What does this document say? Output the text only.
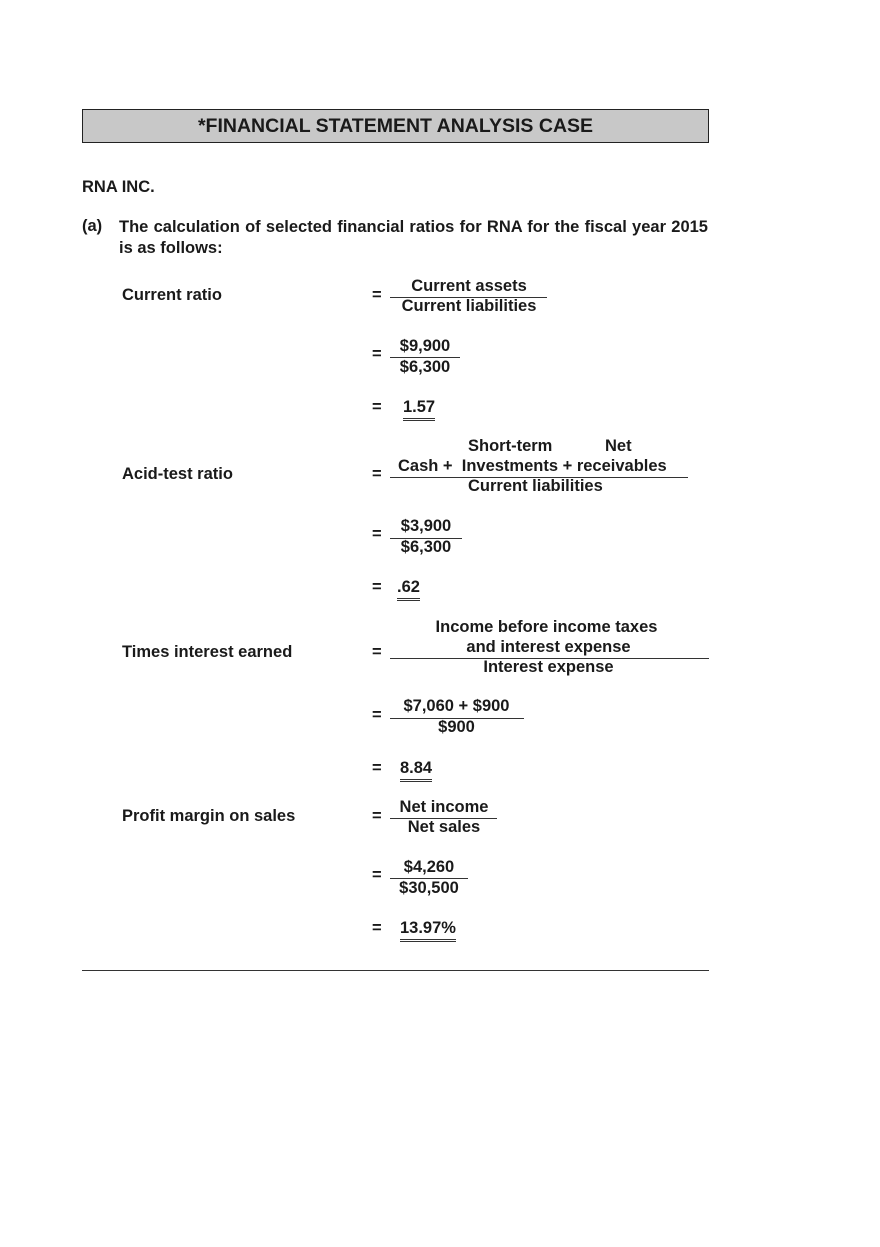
*FINANCIAL STATEMENT ANALYSIS CASE
RNA INC.
(a) The calculation of selected financial ratios for RNA for the fiscal year 2015 is as follows:
Current ratio	=	Current assets
Current liabilities
=	$9,900
$6,300
= 1.57
Short-term	Net
Acid-test ratio	= Cash +  Investments + receivables
Current liabilities
=	$3,900
$6,300
= .62
Income before income taxes
Times interest earned	=	and interest expense
Interest expense
=	$7,060 + $900
$900
= 8.84
Profit margin on sales	=	Net income
Net sales
=	$4,260
$30,500
= 13.97%
